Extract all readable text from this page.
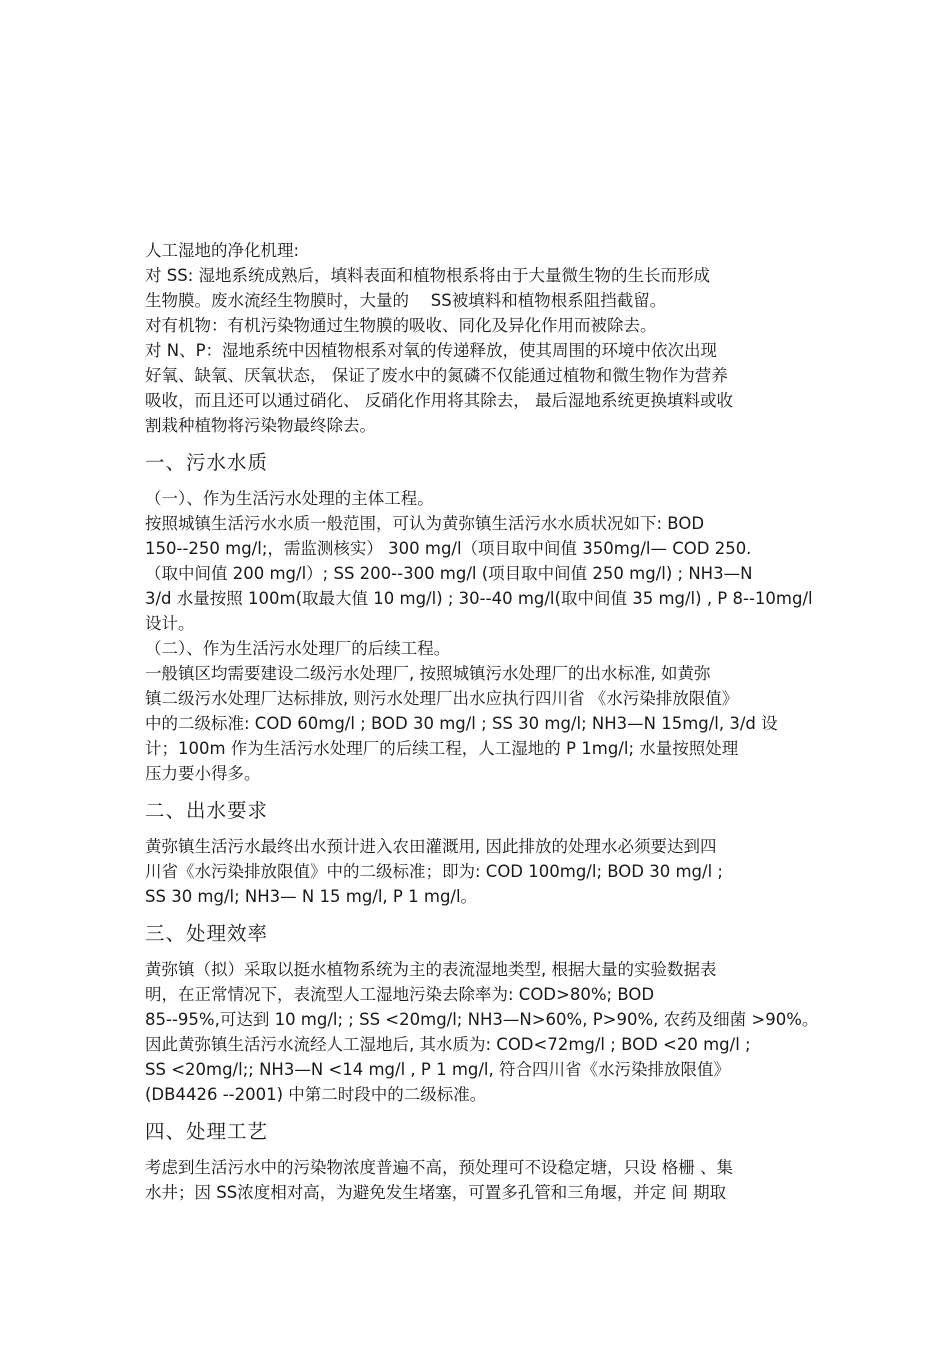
人工湿地的净化机理:
对 SS: 湿地系统成熟后，填料表面和植物根系将由于大量微生物的生长而形成
生物膜。废水流经生物膜时，大量的　 SS被填料和植物根系阻挡截留。
对有机物：有机污染物通过生物膜的吸收、同化及异化作用而被除去。
对 N、P：湿地系统中因植物根系对氧的传递释放，使其周围的环境中依次出现
好氧、缺氧、厌氧状态， 保证了废水中的氮磷不仅能通过植物和微生物作为营养
吸收，而且还可以通过硝化、 反硝化作用将其除去， 最后湿地系统更换填料或收
割栽种植物将污染物最终除去。
一、污水水质
（一）、作为生活污水处理的主体工程。
按照城镇生活污水水质一般范围，可认为黄弥镇生活污水水质状况如下: BOD
150--250 mg/l;，需监测核实） 300 mg/l（项目取中间值 350mg/l— COD 250.
（取中间值 200 mg/l）; SS 200--300 mg/l (项目取中间值 250 mg/l) ; NH3—N
3/d 水量按照 100m(取最大值 10 mg/l) ; 30--40 mg/l(取中间值 35 mg/l) , P 8--10mg/l
设计。
（二）、作为生活污水处理厂的后续工程。
一般镇区均需要建设二级污水处理厂, 按照城镇污水处理厂的出水标准, 如黄弥
镇二级污水处理厂达标排放, 则污水处理厂出水应执行四川省 《水污染排放限值》
中的二级标准: COD 60mg/l ; BOD 30 mg/l ; SS 30 mg/l; NH3—N 15mg/l, 3/d 设
计；100m 作为生活污水处理厂的后续工程，人工湿地的 P 1mg/l; 水量按照处理
压力要小得多。
二、出水要求
黄弥镇生活污水最终出水预计进入农田灌溉用, 因此排放的处理水必须要达到四
川省《水污染排放限值》中的二级标准；即为: COD 100mg/l; BOD 30 mg/l ;
SS 30 mg/l; NH3— N 15 mg/l, P 1 mg/l。
三、处理效率
黄弥镇（拟）采取以挺水植物系统为主的表流湿地类型, 根据大量的实验数据表
明，在正常情况下，表流型人工湿地污染去除率为: COD>80%; BOD
85--95%,可达到 10 mg/l; ; SS <20mg/l; NH3—N>60%, P>90%, 农药及细菌 >90%。
因此黄弥镇生活污水流经人工湿地后, 其水质为: COD<72mg/l ; BOD <20 mg/l ;
SS <20mg/l;; NH3—N <14 mg/l , P 1 mg/l, 符合四川省《水污染排放限值》
(DB4426 --2001) 中第二时段中的二级标准。
四、处理工艺
考虑到生活污水中的污染物浓度普遍不高，预处理可不设稳定塘，只设 格栅 、集
水井；因 SS浓度相对高，为避免发生堵塞，可置多孔管和三角堰，并定 间 期取
